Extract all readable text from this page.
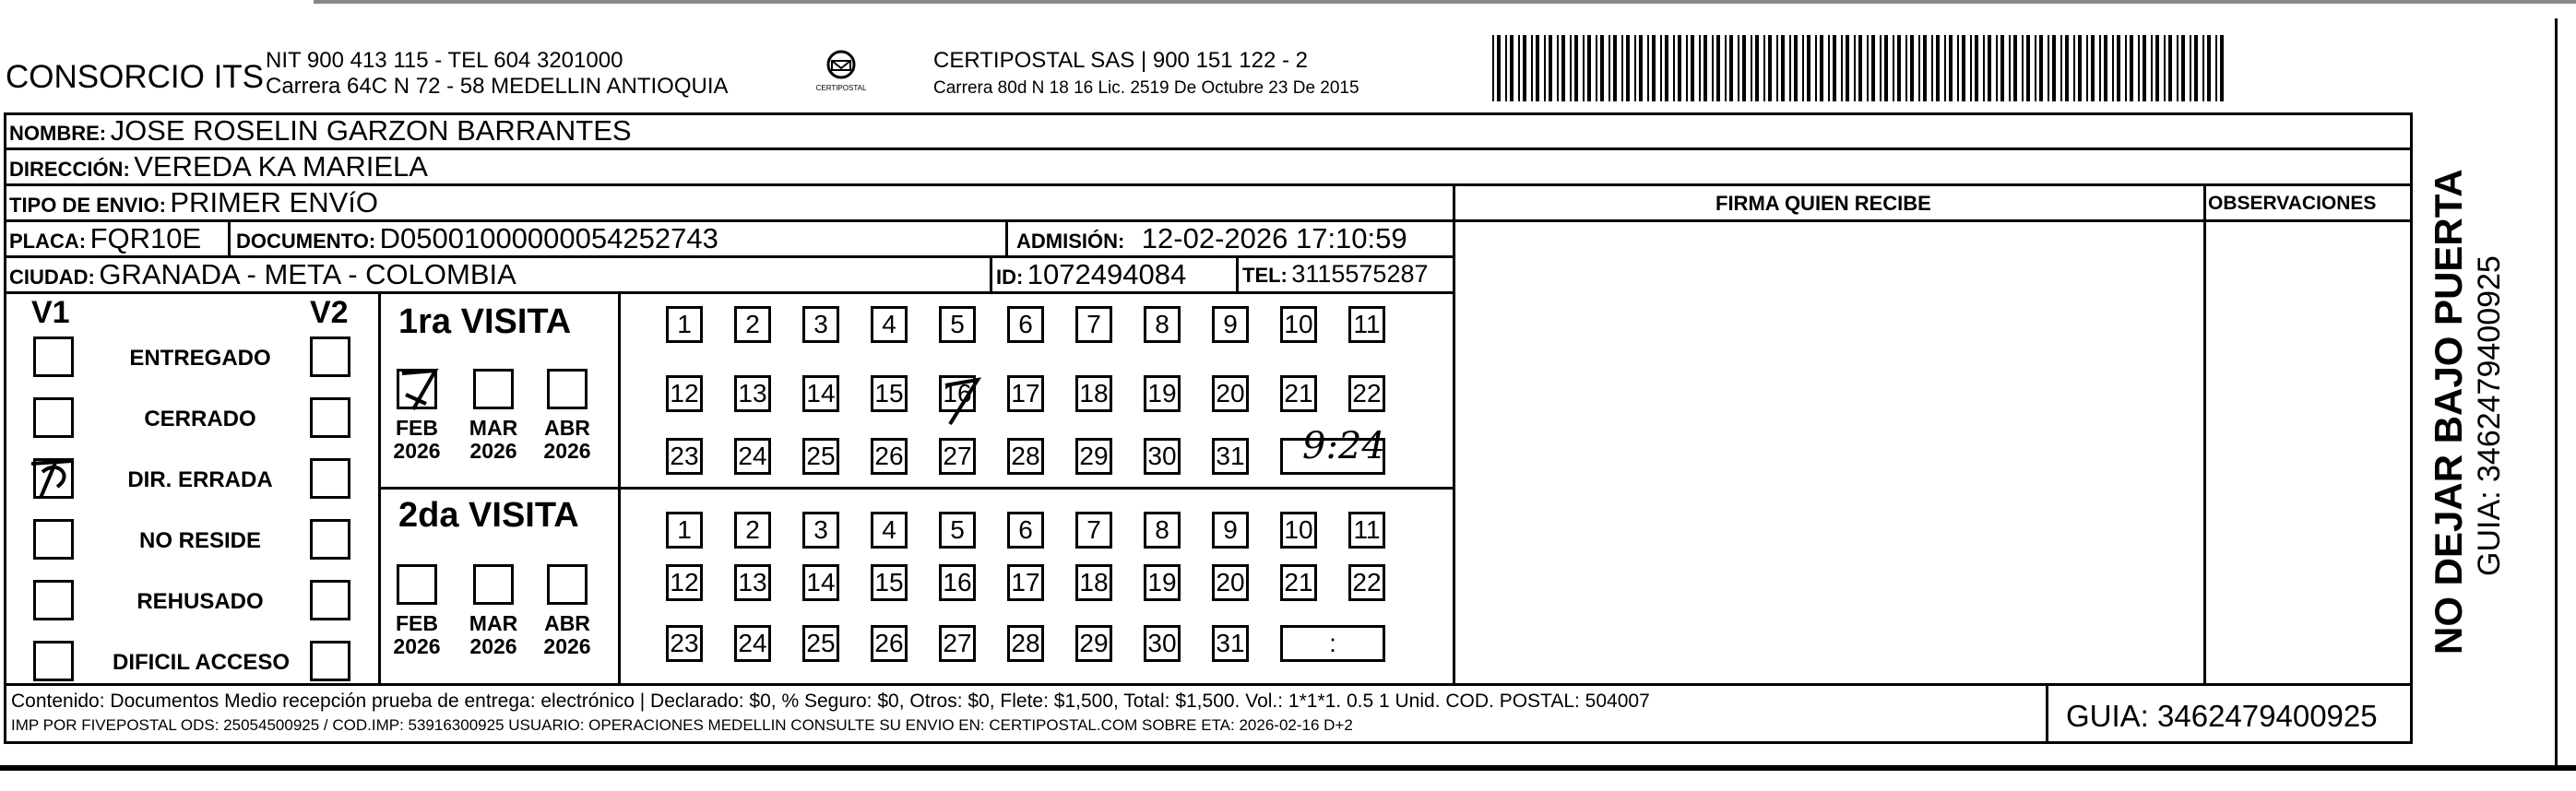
CONSORCIO ITS NIT 900 413 115 - TEL 604 3201000
Carrera 64C N 72 - 58 MEDELLIN ANTIOQUIA	CERTIPOSTAL
CERTIPOSTAL SAS | 900 151 122 - 2
Carrera 80d N 18 16 Lic. 2519 De Octubre 23 De 2015
NOMBRE: JOSE ROSELIN GARZON BARRANTES
DIRECCIÓN: VEREDA KA MARIELA
TIPO DE ENVIO: PRIMER ENVíO	FIRMA QUIEN RECIBE	OBSERVACIONES
PLACA: FQR10E DOCUMENTO: D05001000000054252743	ADMISIÓN: 12-02-2026 17:10:59
CIUDAD: GRANADA - META - COLOMBIA	ID: 1072494084	TEL: 3115575287
V1	V2
ENTREGADO
CERRADO
DIR. ERRADA
NO RESIDE
REHUSADO
DIFICIL ACCESO
1ra VISITA
2da VISITA
FEB
2026
MAR
2026
ABR
2026
FEB
2026
MAR
2026
ABR
2026
1	2	3	4	5	6	7	8	9	10 11
12 13 14 15 16 17 18 19 20 21 22
23 24 25 26 27 28 29 30 31
1	2	3	4	5	6	7	8	9	10 11
12 13 14 15 16 17 18 19 20 21 22
23 24 25 26 27 28 29 30 31	:
9:24
Contenido: Documentos Medio recepción prueba de entrega: electrónico | Declarado: $0, % Seguro: $0, Otros: $0, Flete: $1,500, Total: $1,500. Vol.: 1*1*1. 0.5 1 Unid. COD. POSTAL: 504007
IMP POR FIVEPOSTAL ODS: 25054500925 / COD.IMP: 53916300925 USUARIO: OPERACIONES MEDELLIN CONSULTE SU ENVIO EN: CERTIPOSTAL.COM SOBRE ETA: 2026-02-16 D+2	GUIA: 3462479400925
NO DEJAR BAJO PUERTA GUIA: 3462479400925
